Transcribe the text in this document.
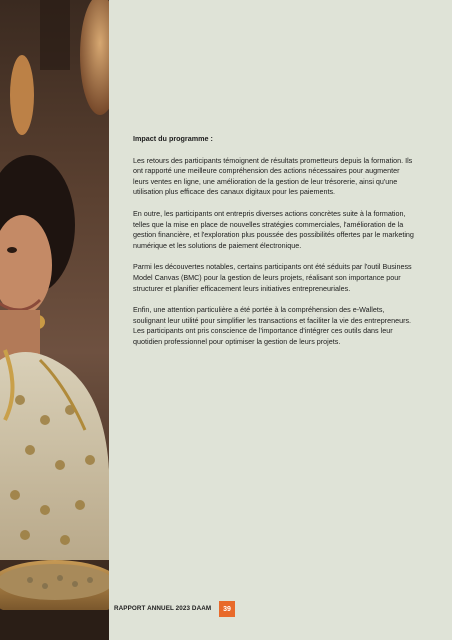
Impact du programme :

Les retours des participants témoignent de résultats prometteurs depuis la formation. Ils ont rapporté une meilleure compréhension des actions nécessaires pour augmenter leurs ventes en ligne, une amélioration de la gestion de leur trésorerie, ainsi qu'une utilisation plus efficace des canaux digitaux pour les paiements.

En outre, les participants ont entrepris diverses actions concrètes suite à la formation, telles que la mise en place de nouvelles stratégies commerciales, l'amélioration de la gestion financière, et l'exploration plus poussée des possibilités offertes par le marketing numérique et les solutions de paiement électronique.

Parmi les découvertes notables, certains participants ont été séduits par l'outil Business Model Canvas (BMC) pour la gestion de leurs projets, réalisant son importance pour structurer et planifier efficacement leurs initiatives entrepreneuriales.

Enfin, une attention particulière a été portée à la compréhension des e-Wallets, soulignant leur utilité pour simplifier les transactions et faciliter la vie des entrepreneurs. Les participants ont pris conscience de l'importance d'intégrer ces outils dans leur quotidien professionnel pour optimiser la gestion de leurs projets.

RAPPORT ANNUEL 2023 DAAM	39
